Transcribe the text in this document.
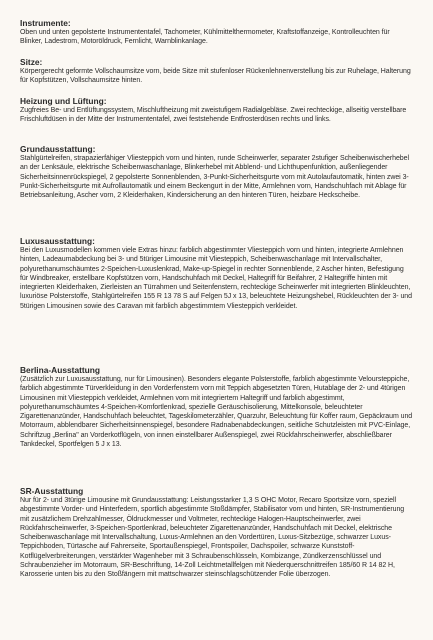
Instrumente:
Oben und unten gepolsterte Instrumententafel, Tachometer, Kühlmittelthermometer, Kraftstoffanzeige, Kontrolleuchten für Blinker, Ladestrom, Motoröldruck, Fernlicht, Warnblinkanlage.
Sitze:
Körpergerecht geformte Vollschaumsitze vorn, beide Sitze mit stufenloser Rückenlehnenverstellung bis zur Ruhelage, Halterung für Kopfstützen, Vollschaumsitze hinten.
Heizung und Lüftung:
Zugfreies Be- und Entlüftungssystem, Mischluftheizung mit zweistufigem Radialgebläse. Zwei rechteckige, allseitig verstellbare Frischluftdüsen in der Mitte der Instrumententafel, zwei feststehende Entfrosterdüsen rechts und links.
Grundausstattung:
Stahlgürtelreifen, strapazierfähiger Vliesteppich vorn und hinten, runde Scheinwerfer, separater 2stufiger Scheibenwischerhebel an der Lenksäule, elektrische Scheibenwaschanlage, Blinkerhebel mit Abblend- und Lichthupenfunktion, außenliegender Sicherheitsinnenrückspiegel, 2 gepolsterte Sonnenblenden, 3-Punkt-Sicherheitsgurte vorn mit Autolaufautomatik, hinten zwei 3-Punkt-Sicherheitsgurte mit Aufrollautomatik und einem Beckengurt in der Mitte, Armlehnen vorn, Handschuhfach mit Ablage für Betriebsanleitung, Ascher vorn, 2 Kleiderhaken, Kindersicherung an den hinteren Türen, heizbare Heckscheibe.
Luxusausstattung:
Bei den Luxusmodellen kommen viele Extras hinzu: farblich abgestimmter Vliesteppich vorn und hinten, integrierte Armlehnen hinten, Ladeaumabdeckung bei 3- und 5türiger Limousine mit Vliesteppich, Scheibenwaschanlage mit Intervallschalter, polyurethanumschäumtes 2-Speichen-Luxuslenkrad, Make-up-Spiegel in rechter Sonnenblende, 2 Ascher hinten, Befestigung für Windbreaker, erstellbare Kopfstützen vorn, Handschuhfach mit Deckel, Haltegriff für Beifahrer, 2 Haltegriffe hinten mit integrierten Kleiderhaken, Zierleisten an Türrahmen und Seitenfenstern, rechteckige Scheinwerfer mit integrierten Blinkleuchten, luxuriöse Polsterstoffe, Stahlgürtelreifen 155 R 13 78 S auf Felgen 5J x 13, beleuchtete Heizungshebel, Rückleuchten der 3- und 5türigen Limousinen sowie des Caravan mit farblich abgestimmtem Vliesteppich verkleidet.
Berlina-Ausstattung
(Zusätzlich zur Luxusausstattung, nur für Limousinen). Besonders elegante Polsterstoffe, farblich abgestimmte Veloursteppiche, farblich abgestimmte Türverkleidung in den Vorderfenstern vorn mit Teppich abgesetzten Türen, Hutablage der 2- und 4türigen Limousinen mit Vliesteppich verkleidet, Armlehnen vorn mit integriertem Haltegriff und farblich abgestimmt, polyurethanumschäumtes 4-Speichen-Komfortlenkrad, spezielle Geräuschisolierung, Mittelkonsole, beleuchteter Zigarettenanzünder, Handschuhfach beleuchtet, Tageskilometerzähler, Quarzuhr, Beleuchtung für Koffer raum, Gepäckraum und Motorraum, abblendbarer Sicherheitsinnenspiegel, besondere Radnabenabdeckungen, seitliche Schutzleisten mit PVC-Einlage, Schriftzug „Berlina" an Vorderkotflügeln, von innen einstellbarer Außenspiegel, zwei Rückfahrscheinwerfer, abschließbarer Tankdeckel, Sportfelgen 5 J x 13.
SR-Ausstattung
Nur für 2- und 3türige Limousine mit Grundausstattung: Leistungsstarker 1,3 S OHC Motor, Recaro Sportsitze vorn, speziell abgestimmte Vorder- und Hinterfedern, sportlich abgestimmte Stoßdämpfer, Stabilisator vorn und hinten, SR-Instrumentierung mit zusätzlichem Drehzahlmesser, Öldruckmesser und Voltmeter, rechteckige Halogen-Hauptscheinwerfer, zwei Rückfahrscheinwerfer, 3-Speichen-Sportlenkrad, beleuchteter Zigarettenanzünder, Handschuhfach mit Deckel, elektrische Scheibenwaschanlage mit Intervallschaltung, Luxus-Armlehnen an den Vordertüren, Luxus-Sitzbezüge, schwarzer Luxus-Teppichboden, Türtasche auf Fahrerseite, Sportaußenspiegel, Frontspoiler, Dachspoiler, schwarze Kunststoff-Kotflügelverbreiterungen, verstärkter Wagenheber mit 3 Schraubenschlüsseln, Kombizange, Zündkerzenschlüssel und Schraubenzieher im Motorraum, SR-Beschriftung, 14-Zoll Leichtmetallfelgen mit Niederquerschnittreifen 185/60 R 14 82 H, Karosserie unten bis zu den Stoßfängern mit mattschwarzer steinschlagschützender Folie überzogen.
